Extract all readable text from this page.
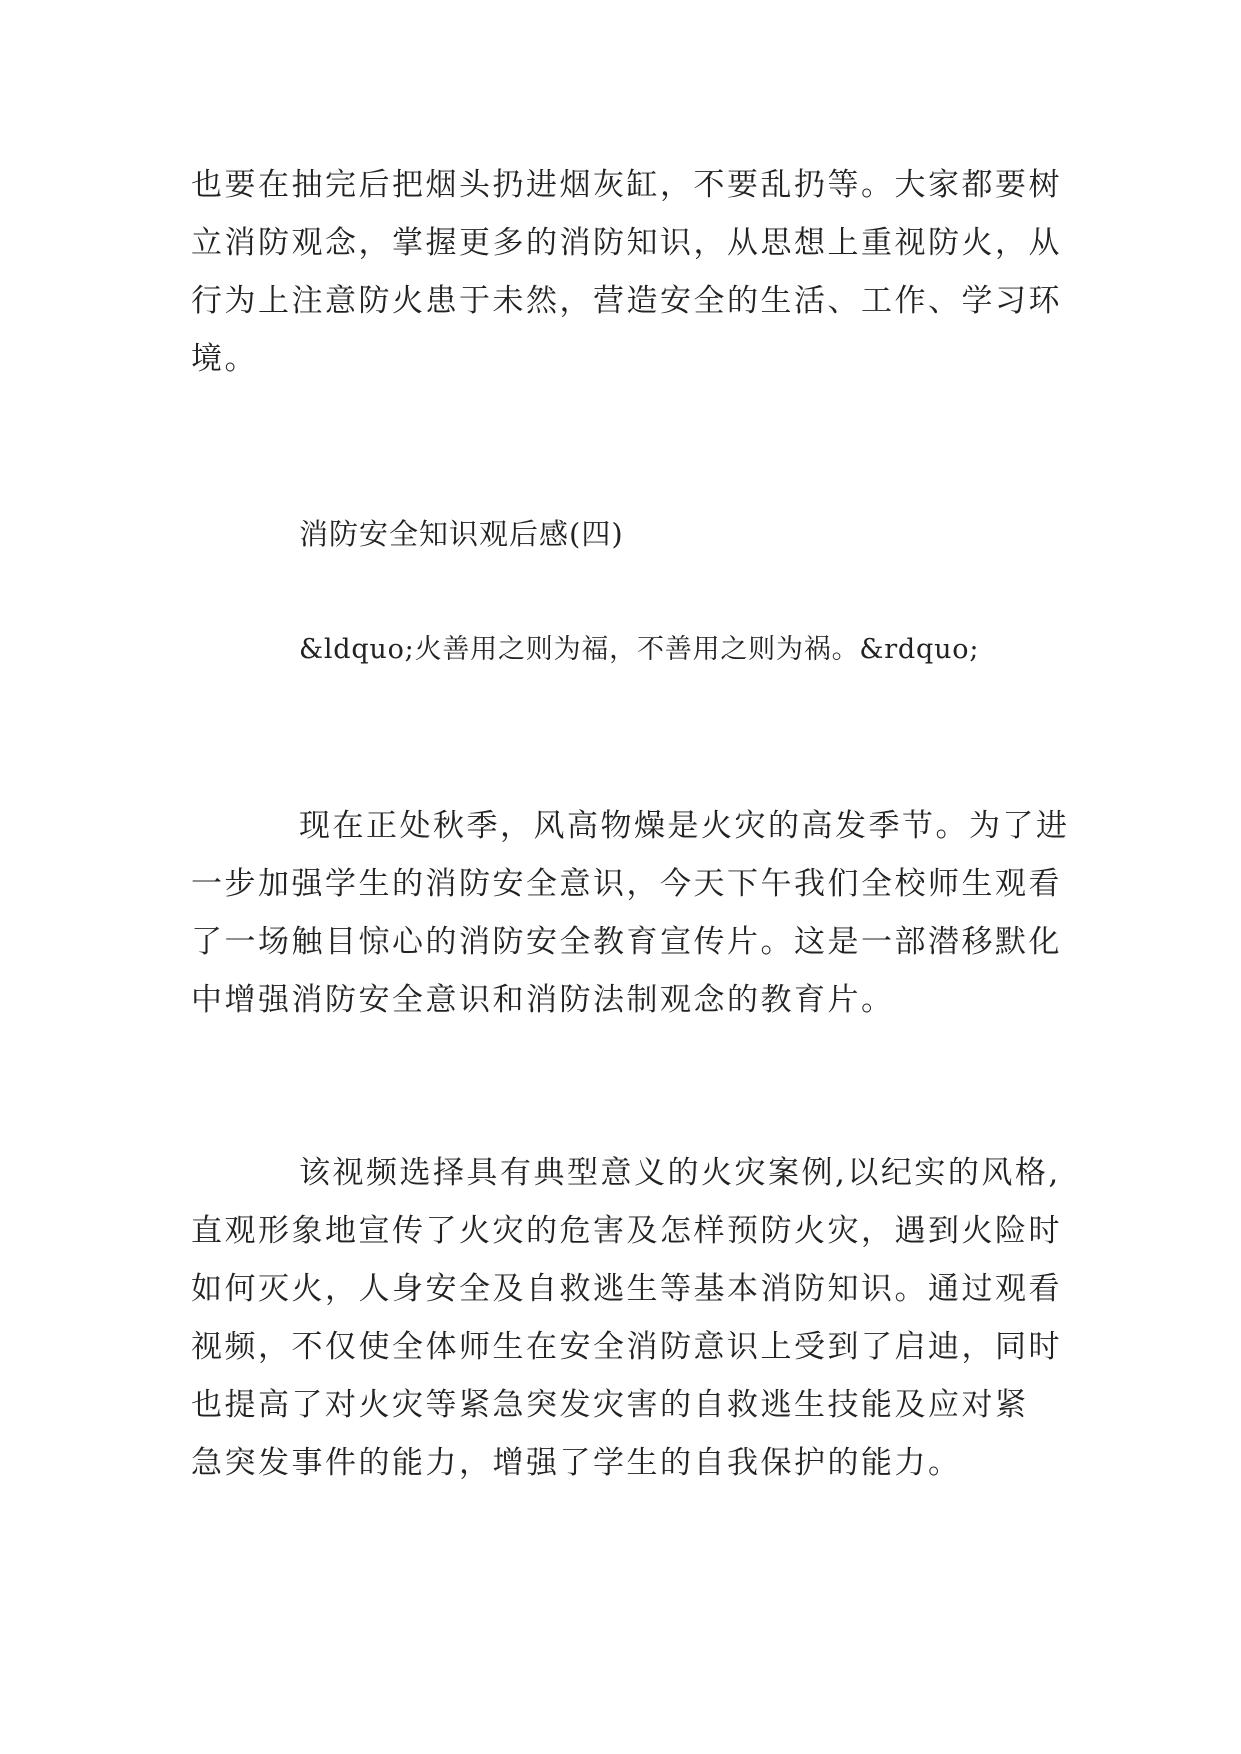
也要在抽完后把烟头扔进烟灰缸，不要乱扔等。大家都要树
立消防观念，掌握更多的消防知识，从思想上重视防火，从
行为上注意防火患于未然，营造安全的生活、工作、学习环
境。
消防安全知识观后感(四)
&ldquo;火善用之则为福，不善用之则为祸。&rdquo;
现在正处秋季，风高物燥是火灾的高发季节。为了进
一步加强学生的消防安全意识，今天下午我们全校师生观看
了一场触目惊心的消防安全教育宣传片。这是一部潜移默化
中增强消防安全意识和消防法制观念的教育片。
该视频选择具有典型意义的火灾案例,以纪实的风格,
直观形象地宣传了火灾的危害及怎样预防火灾，遇到火险时
如何灭火，人身安全及自救逃生等基本消防知识。通过观看
视频，不仅使全体师生在安全消防意识上受到了启迪，同时
也提高了对火灾等紧急突发灾害的自救逃生技能及应对紧
急突发事件的能力，增强了学生的自我保护的能力。
